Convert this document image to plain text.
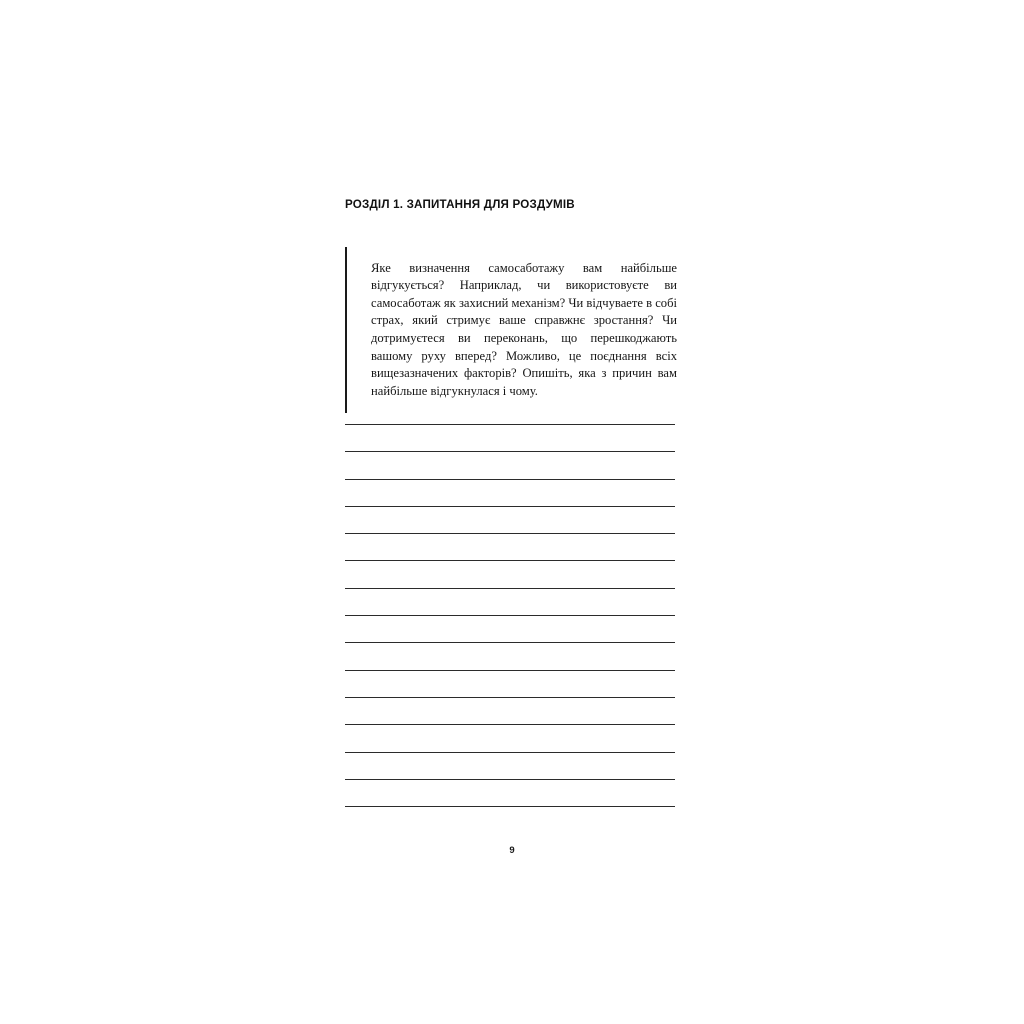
РОЗДІЛ 1. ЗАПИТАННЯ ДЛЯ РОЗДУМІВ

Яке визначення самосаботажу вам найбільше відгукується? Наприклад, чи використовуєте ви самосаботаж як захисний механізм? Чи відчуваете в собі страх, який стримує ваше справжнє зростання? Чи дотримуєтеся ви переконань, що перешкоджають вашому руху вперед? Можливо, це поєднання всіх вищезазначених факторів? Опишіть, яка з причин вам найбільше відгукнулася і чому.

9
